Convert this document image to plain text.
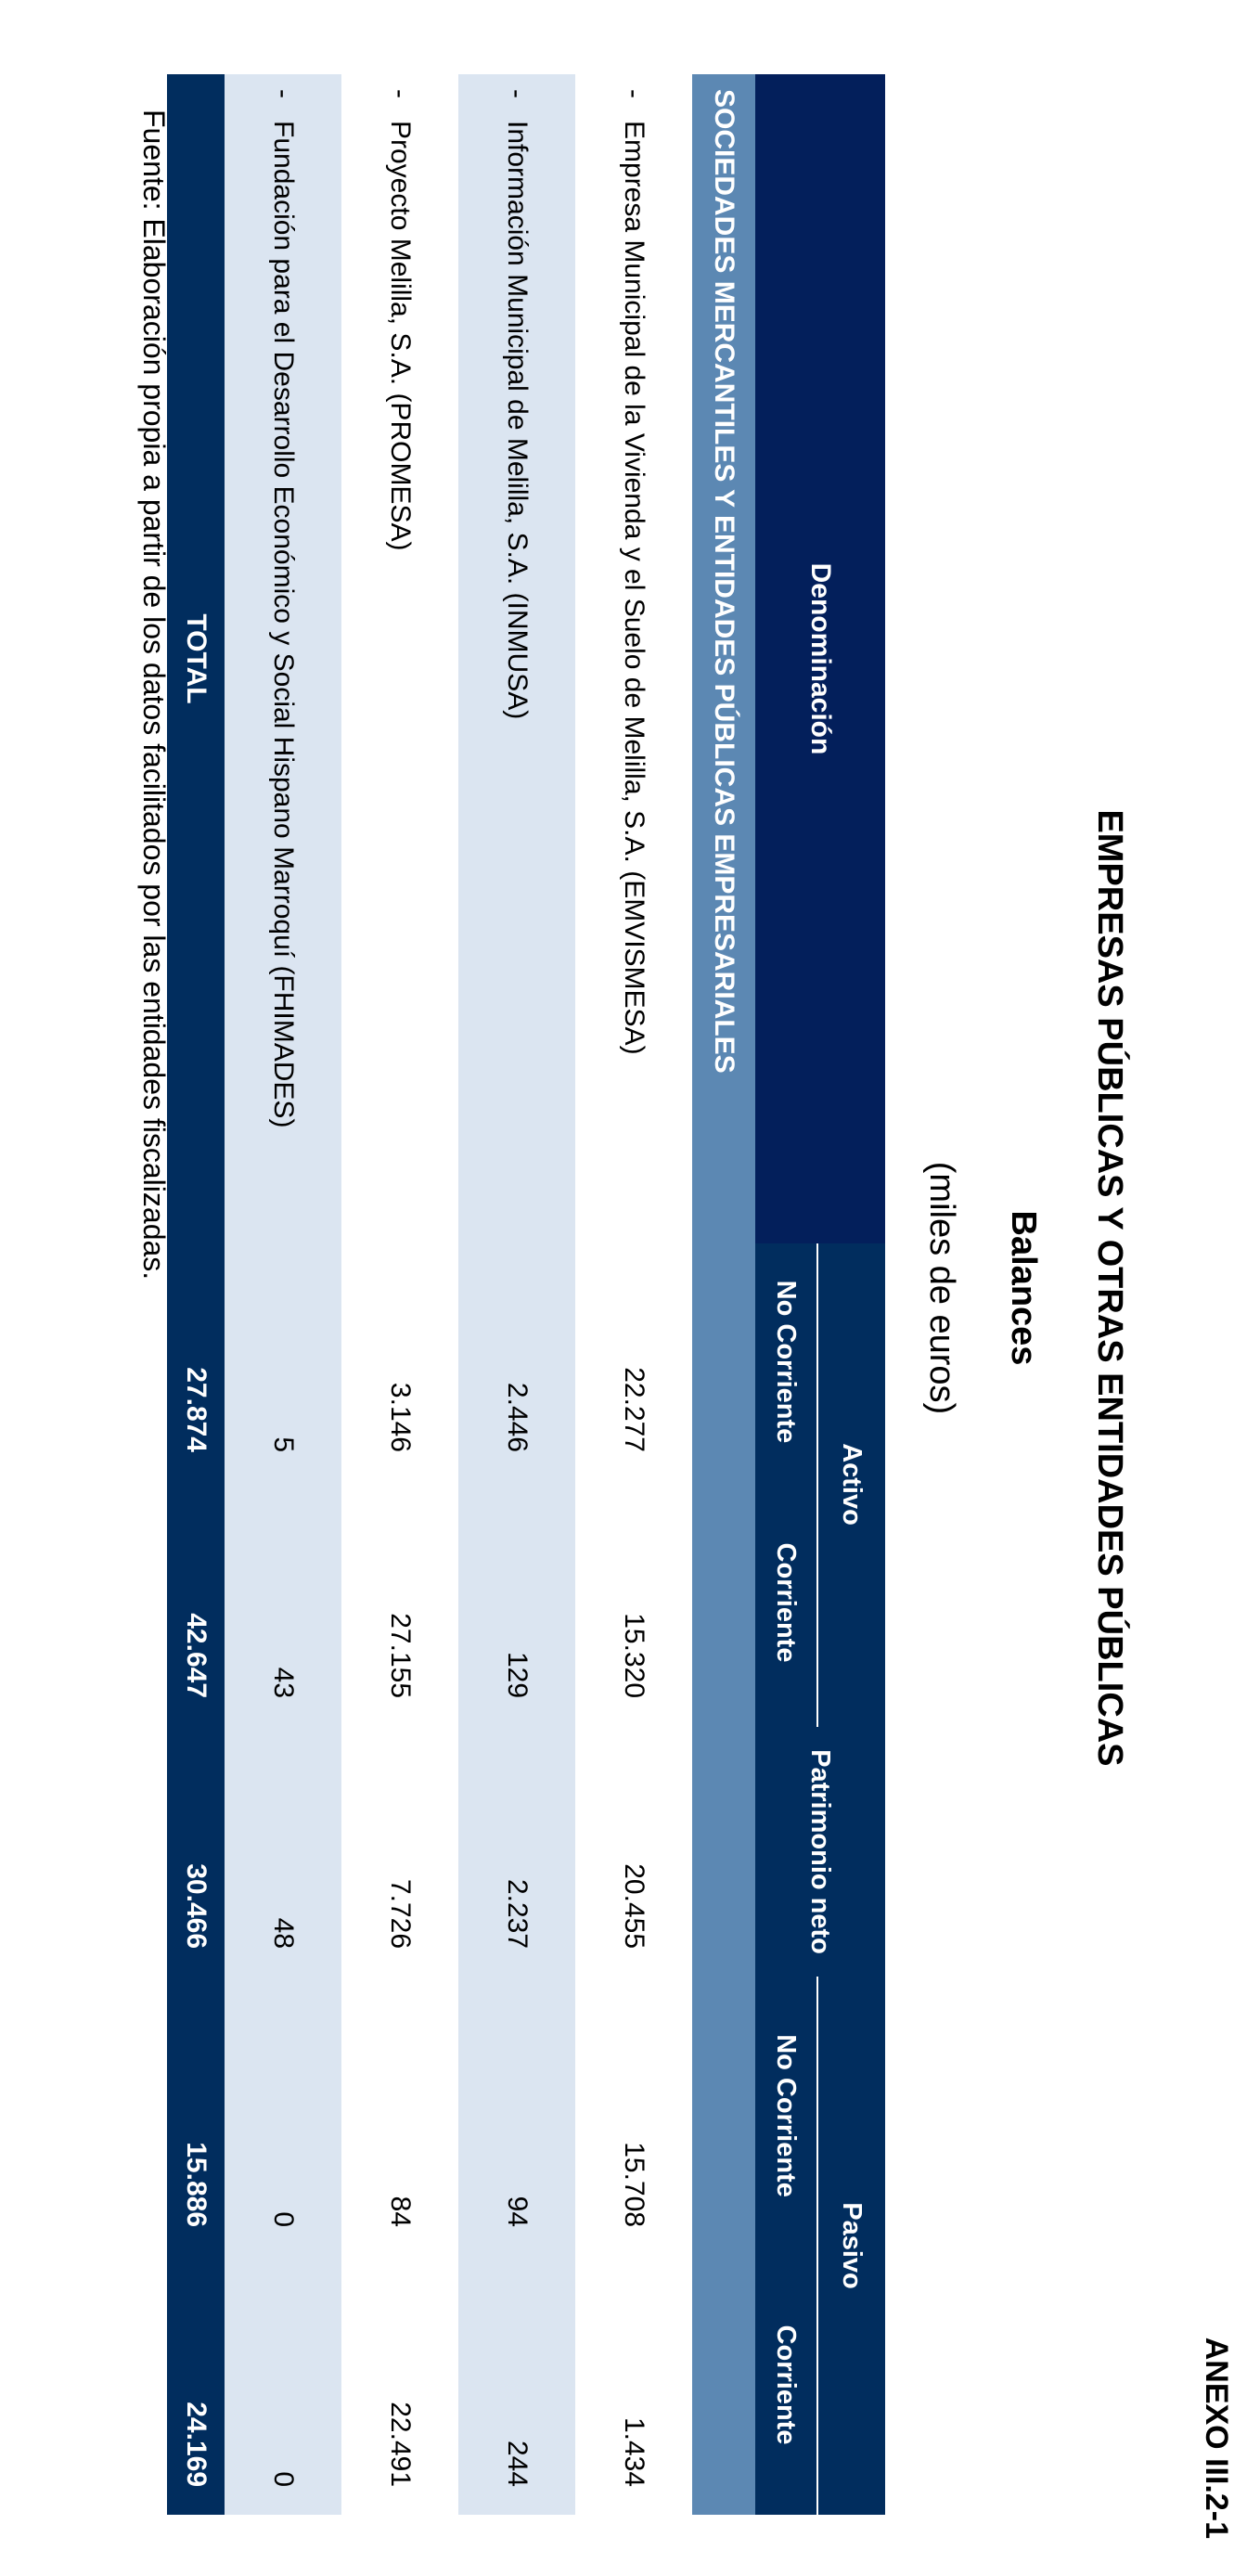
ANEXO III.2-1
EMPRESAS PÚBLICAS Y OTRAS ENTIDADES PÚBLICAS
Balances
(miles de euros)
Denominación	Activo		Patrimonio neto	Pasivo	
	No Corriente	Corriente		No Corriente	Corriente
SOCIEDADES MERCANTILES Y ENTIDADES PÚBLICAS EMPRESARIALES					
-Empresa Municipal de la Vivienda y el Suelo de Melilla, S.A. (EMVISMESA)	22.277	15.320	20.455	15.708	1.434
-Información Municipal de Melilla, S.A. (INMUSA)	2.446	129	2.237	94	244
-Proyecto Melilla, S.A. (PROMESA)	3.146	27.155	7.726	84	22.491
-Fundación para el Desarrollo Económico y Social Hispano Marroquí (FHIMADES)	5	43	48	0	0
TOTAL	27.874	42.647	30.466	15.886	24.169
Fuente: Elaboración propia a partir de los datos facilitados por las entidades fiscalizadas.
